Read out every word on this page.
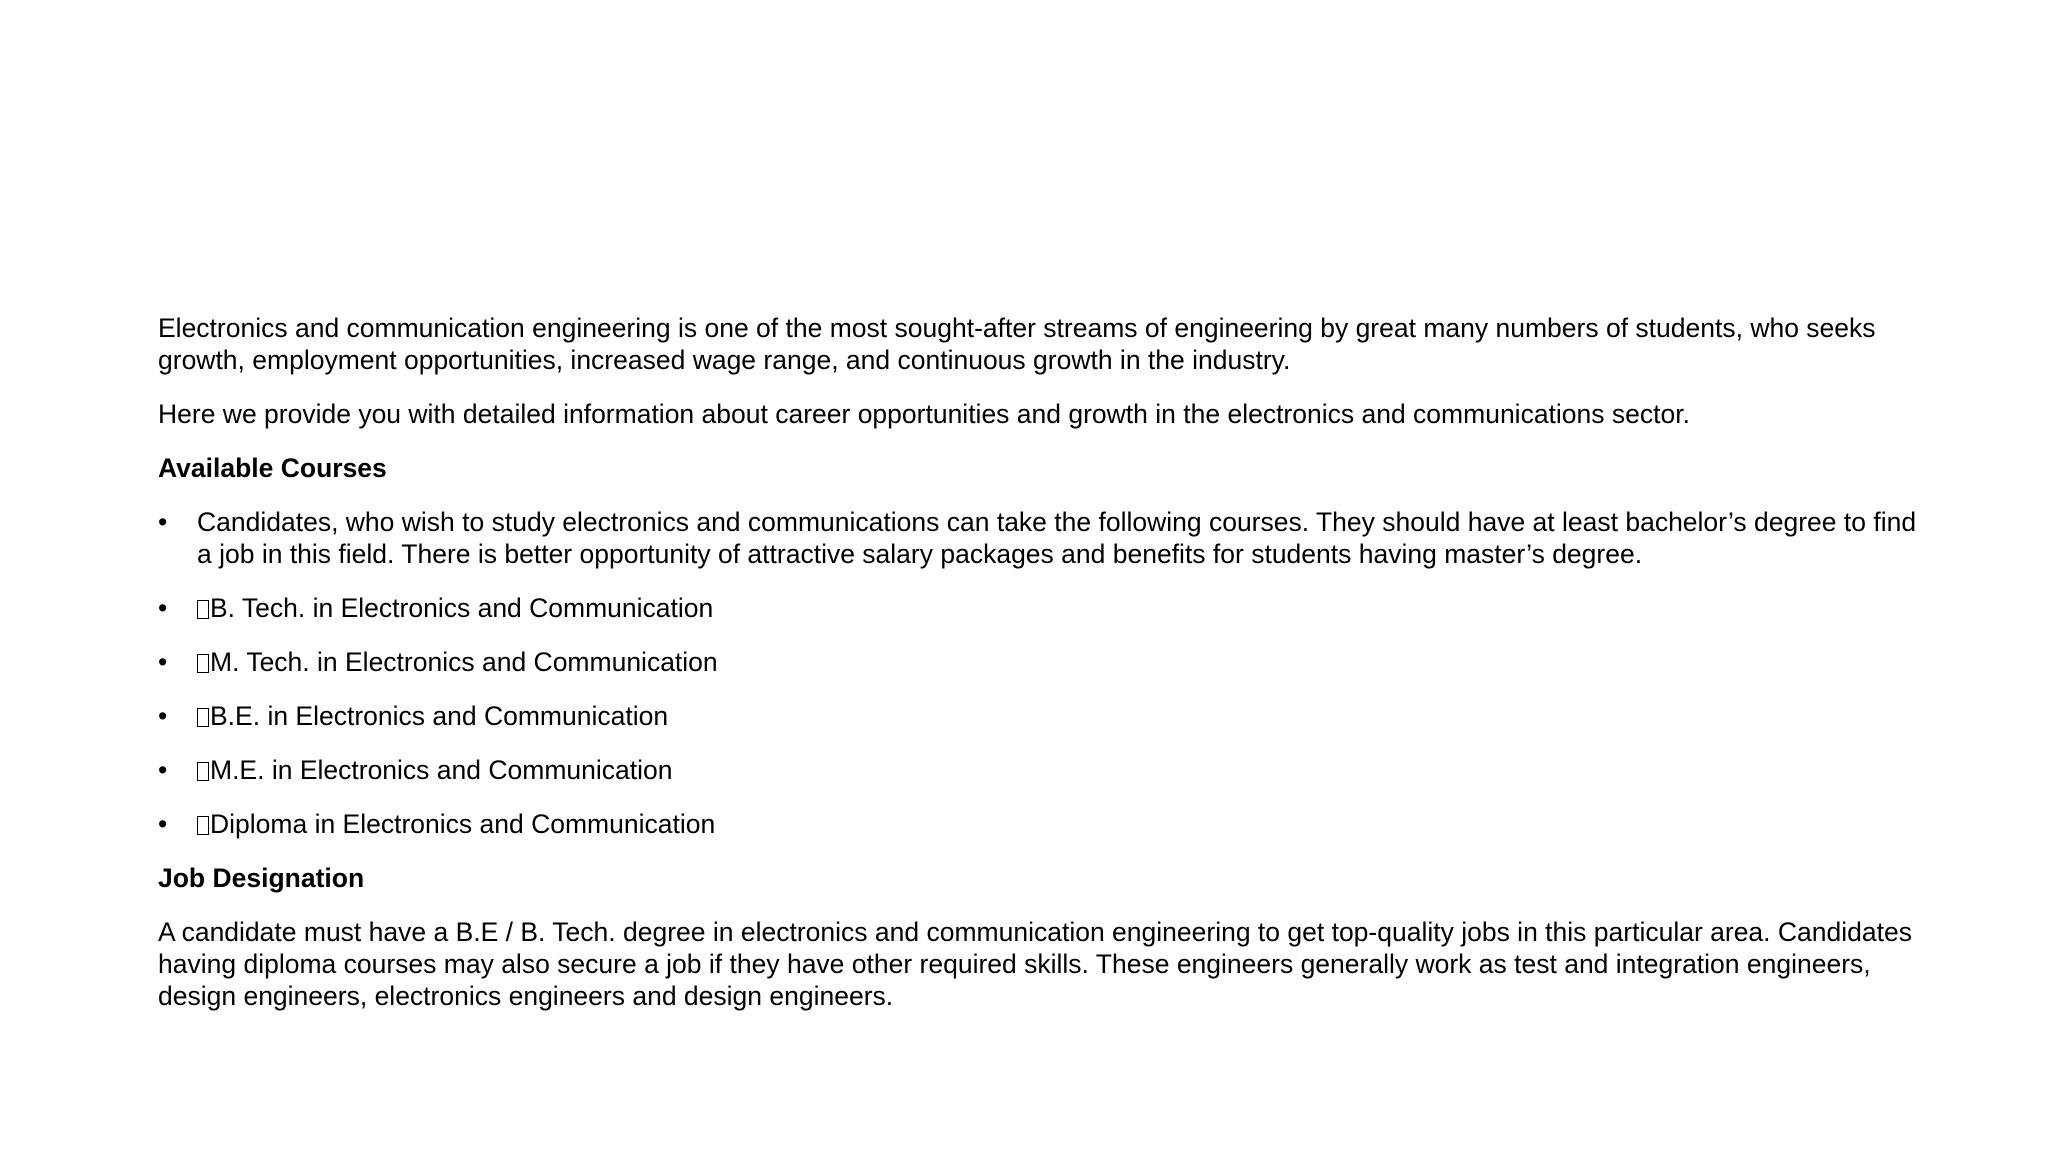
Electronics and communication engineering is one of the most sought-after streams of engineering by great many numbers of students, who seeks growth, employment opportunities, increased wage range, and continuous growth in the industry.

Here we provide you with detailed information about career opportunities and growth in the electronics and communications sector.

Available Courses

•	Candidates, who wish to study electronics and communications can take the following courses. They should have at least bachelor’s degree to find a job in this field. There is better opportunity of attractive salary packages and benefits for students having master’s degree.
•	B. Tech. in Electronics and Communication
•	M. Tech. in Electronics and Communication
•	B.E. in Electronics and Communication
•	M.E. in Electronics and Communication
•	Diploma in Electronics and Communication

Job Designation

A candidate must have a B.E / B. Tech. degree in electronics and communication engineering to get top-quality jobs in this particular area. Candidates having diploma courses may also secure a job if they have other required skills. These engineers generally work as test and integration engineers, design engineers, electronics engineers and design engineers.
